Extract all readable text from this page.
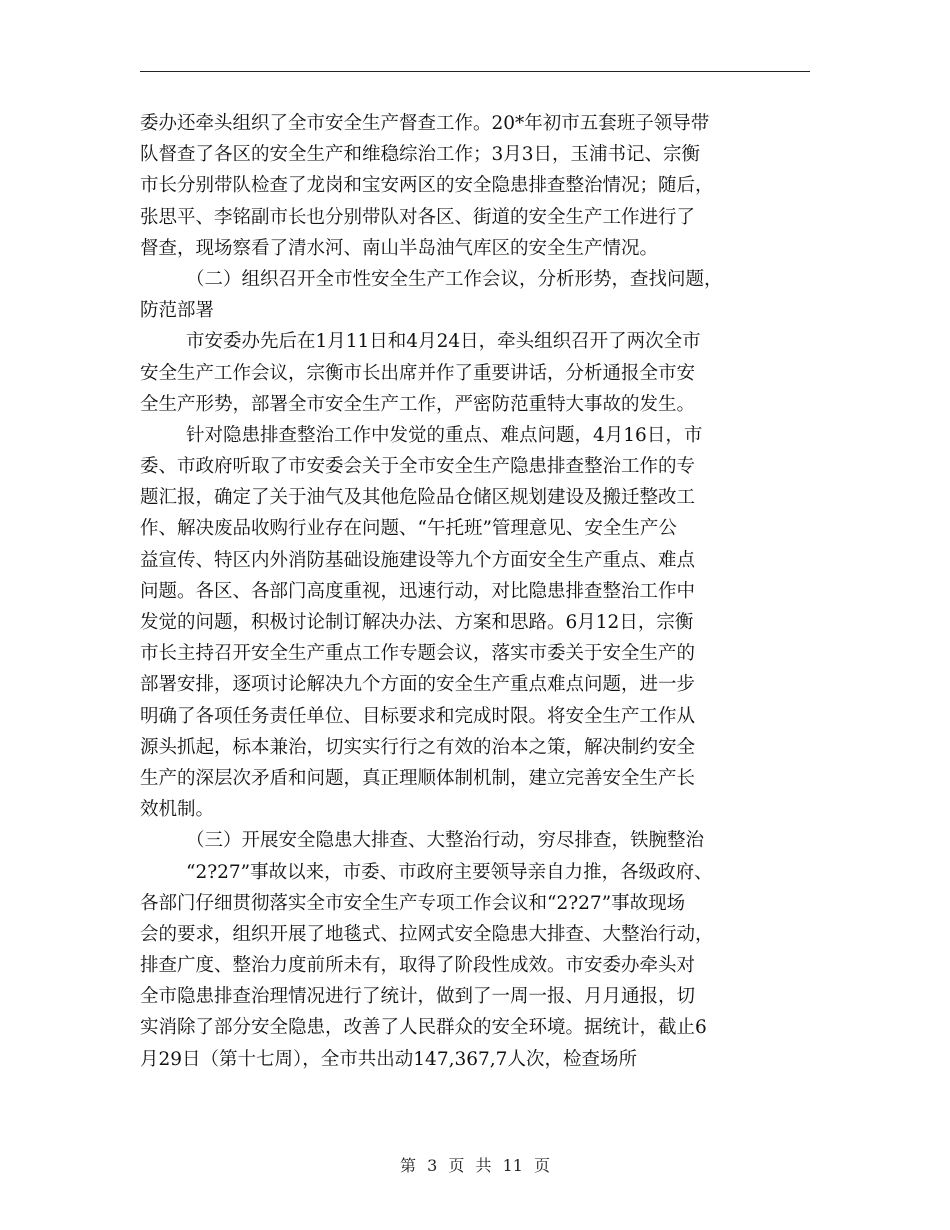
委办还牵头组织了全市安全生产督查工作。20*年初市五套班子领导带
队督查了各区的安全生产和维稳综治工作；3月3日，玉浦书记、宗衡
市长分别带队检查了龙岗和宝安两区的安全隐患排查整治情况；随后，
张思平、李铭副市长也分别带队对各区、街道的安全生产工作进行了
督查，现场察看了清水河、南山半岛油气库区的安全生产情况。
（二）组织召开全市性安全生产工作会议，分析形势，查找问题，
防范部署
市安委办先后在1月11日和4月24日，牵头组织召开了两次全市
安全生产工作会议，宗衡市长出席并作了重要讲话，分析通报全市安
全生产形势，部署全市安全生产工作，严密防范重特大事故的发生。
针对隐患排查整治工作中发觉的重点、难点问题，4月16日，市
委、市政府听取了市安委会关于全市安全生产隐患排查整治工作的专
题汇报，确定了关于油气及其他危险品仓储区规划建设及搬迁整改工
作、解决废品收购行业存在问题、“午托班”管理意见、安全生产公
益宣传、特区内外消防基础设施建设等九个方面安全生产重点、难点
问题。各区、各部门高度重视，迅速行动，对比隐患排查整治工作中
发觉的问题，积极讨论制订解决办法、方案和思路。6月12日，宗衡
市长主持召开安全生产重点工作专题会议，落实市委关于安全生产的
部署安排，逐项讨论解决九个方面的安全生产重点难点问题，进一步
明确了各项任务责任单位、目标要求和完成时限。将安全生产工作从
源头抓起，标本兼治，切实实行行之有效的治本之策，解决制约安全
生产的深层次矛盾和问题，真正理顺体制机制，建立完善安全生产长
效机制。
（三）开展安全隐患大排查、大整治行动，穷尽排查，铁腕整治
“2?27”事故以来，市委、市政府主要领导亲自力推，各级政府、
各部门仔细贯彻落实全市安全生产专项工作会议和“2?27”事故现场
会的要求，组织开展了地毯式、拉网式安全隐患大排查、大整治行动，
排查广度、整治力度前所未有，取得了阶段性成效。市安委办牵头对
全市隐患排查治理情况进行了统计，做到了一周一报、月月通报，切
实消除了部分安全隐患，改善了人民群众的安全环境。据统计，截止6
月29日（第十七周），全市共出动147,367,7人次，检查场所
第 3 页 共 11 页
